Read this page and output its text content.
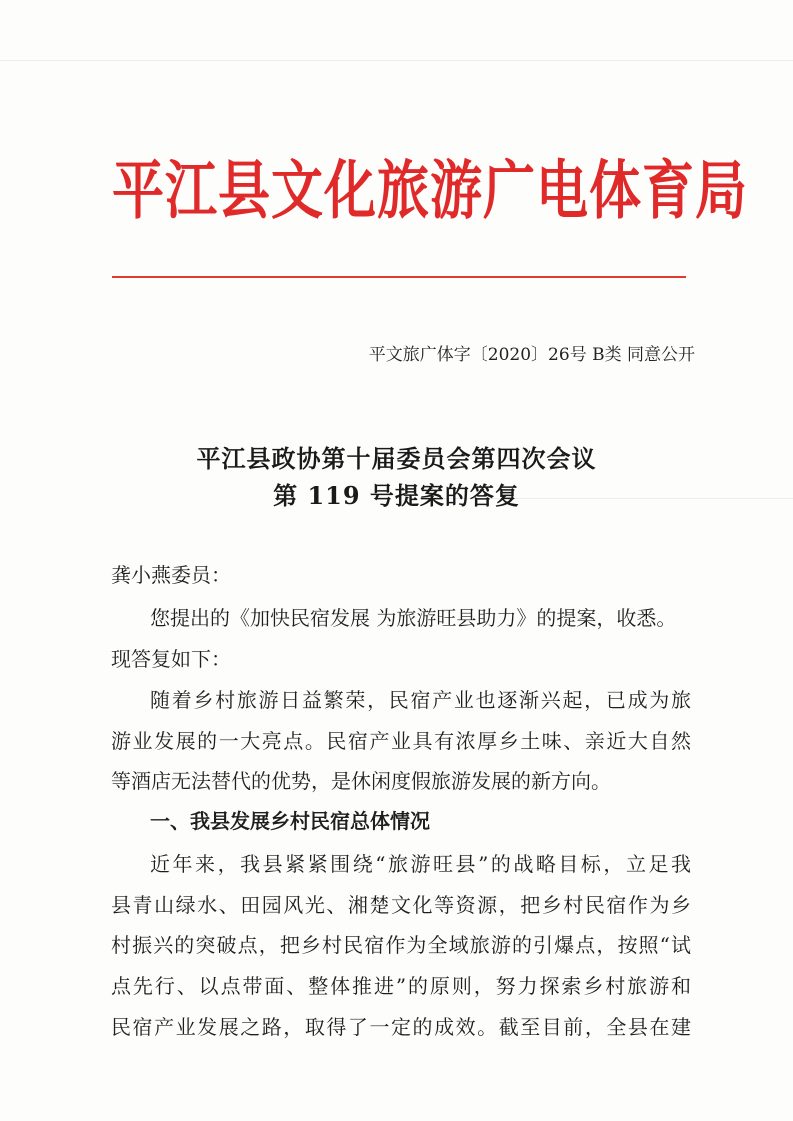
平江县文化旅游广电体育局
平文旅广体字〔2020〕26号 B类 同意公开
平江县政协第十届委员会第四次会议
第 119 号提案的答复
龚小燕委员：
您提出的《加快民宿发展 为旅游旺县助力》的提案，收悉。
现答复如下：
随着乡村旅游日益繁荣，民宿产业也逐渐兴起，已成为旅
游业发展的一大亮点。民宿产业具有浓厚乡土味、亲近大自然
等酒店无法替代的优势，是休闲度假旅游发展的新方向。
一、我县发展乡村民宿总体情况
近年来，我县紧紧围绕“旅游旺县”的战略目标，立足我
县青山绿水、田园风光、湘楚文化等资源，把乡村民宿作为乡
村振兴的突破点，把乡村民宿作为全域旅游的引爆点，按照“试
点先行、以点带面、整体推进”的原则，努力探索乡村旅游和
民宿产业发展之路，取得了一定的成效。截至目前，全县在建
